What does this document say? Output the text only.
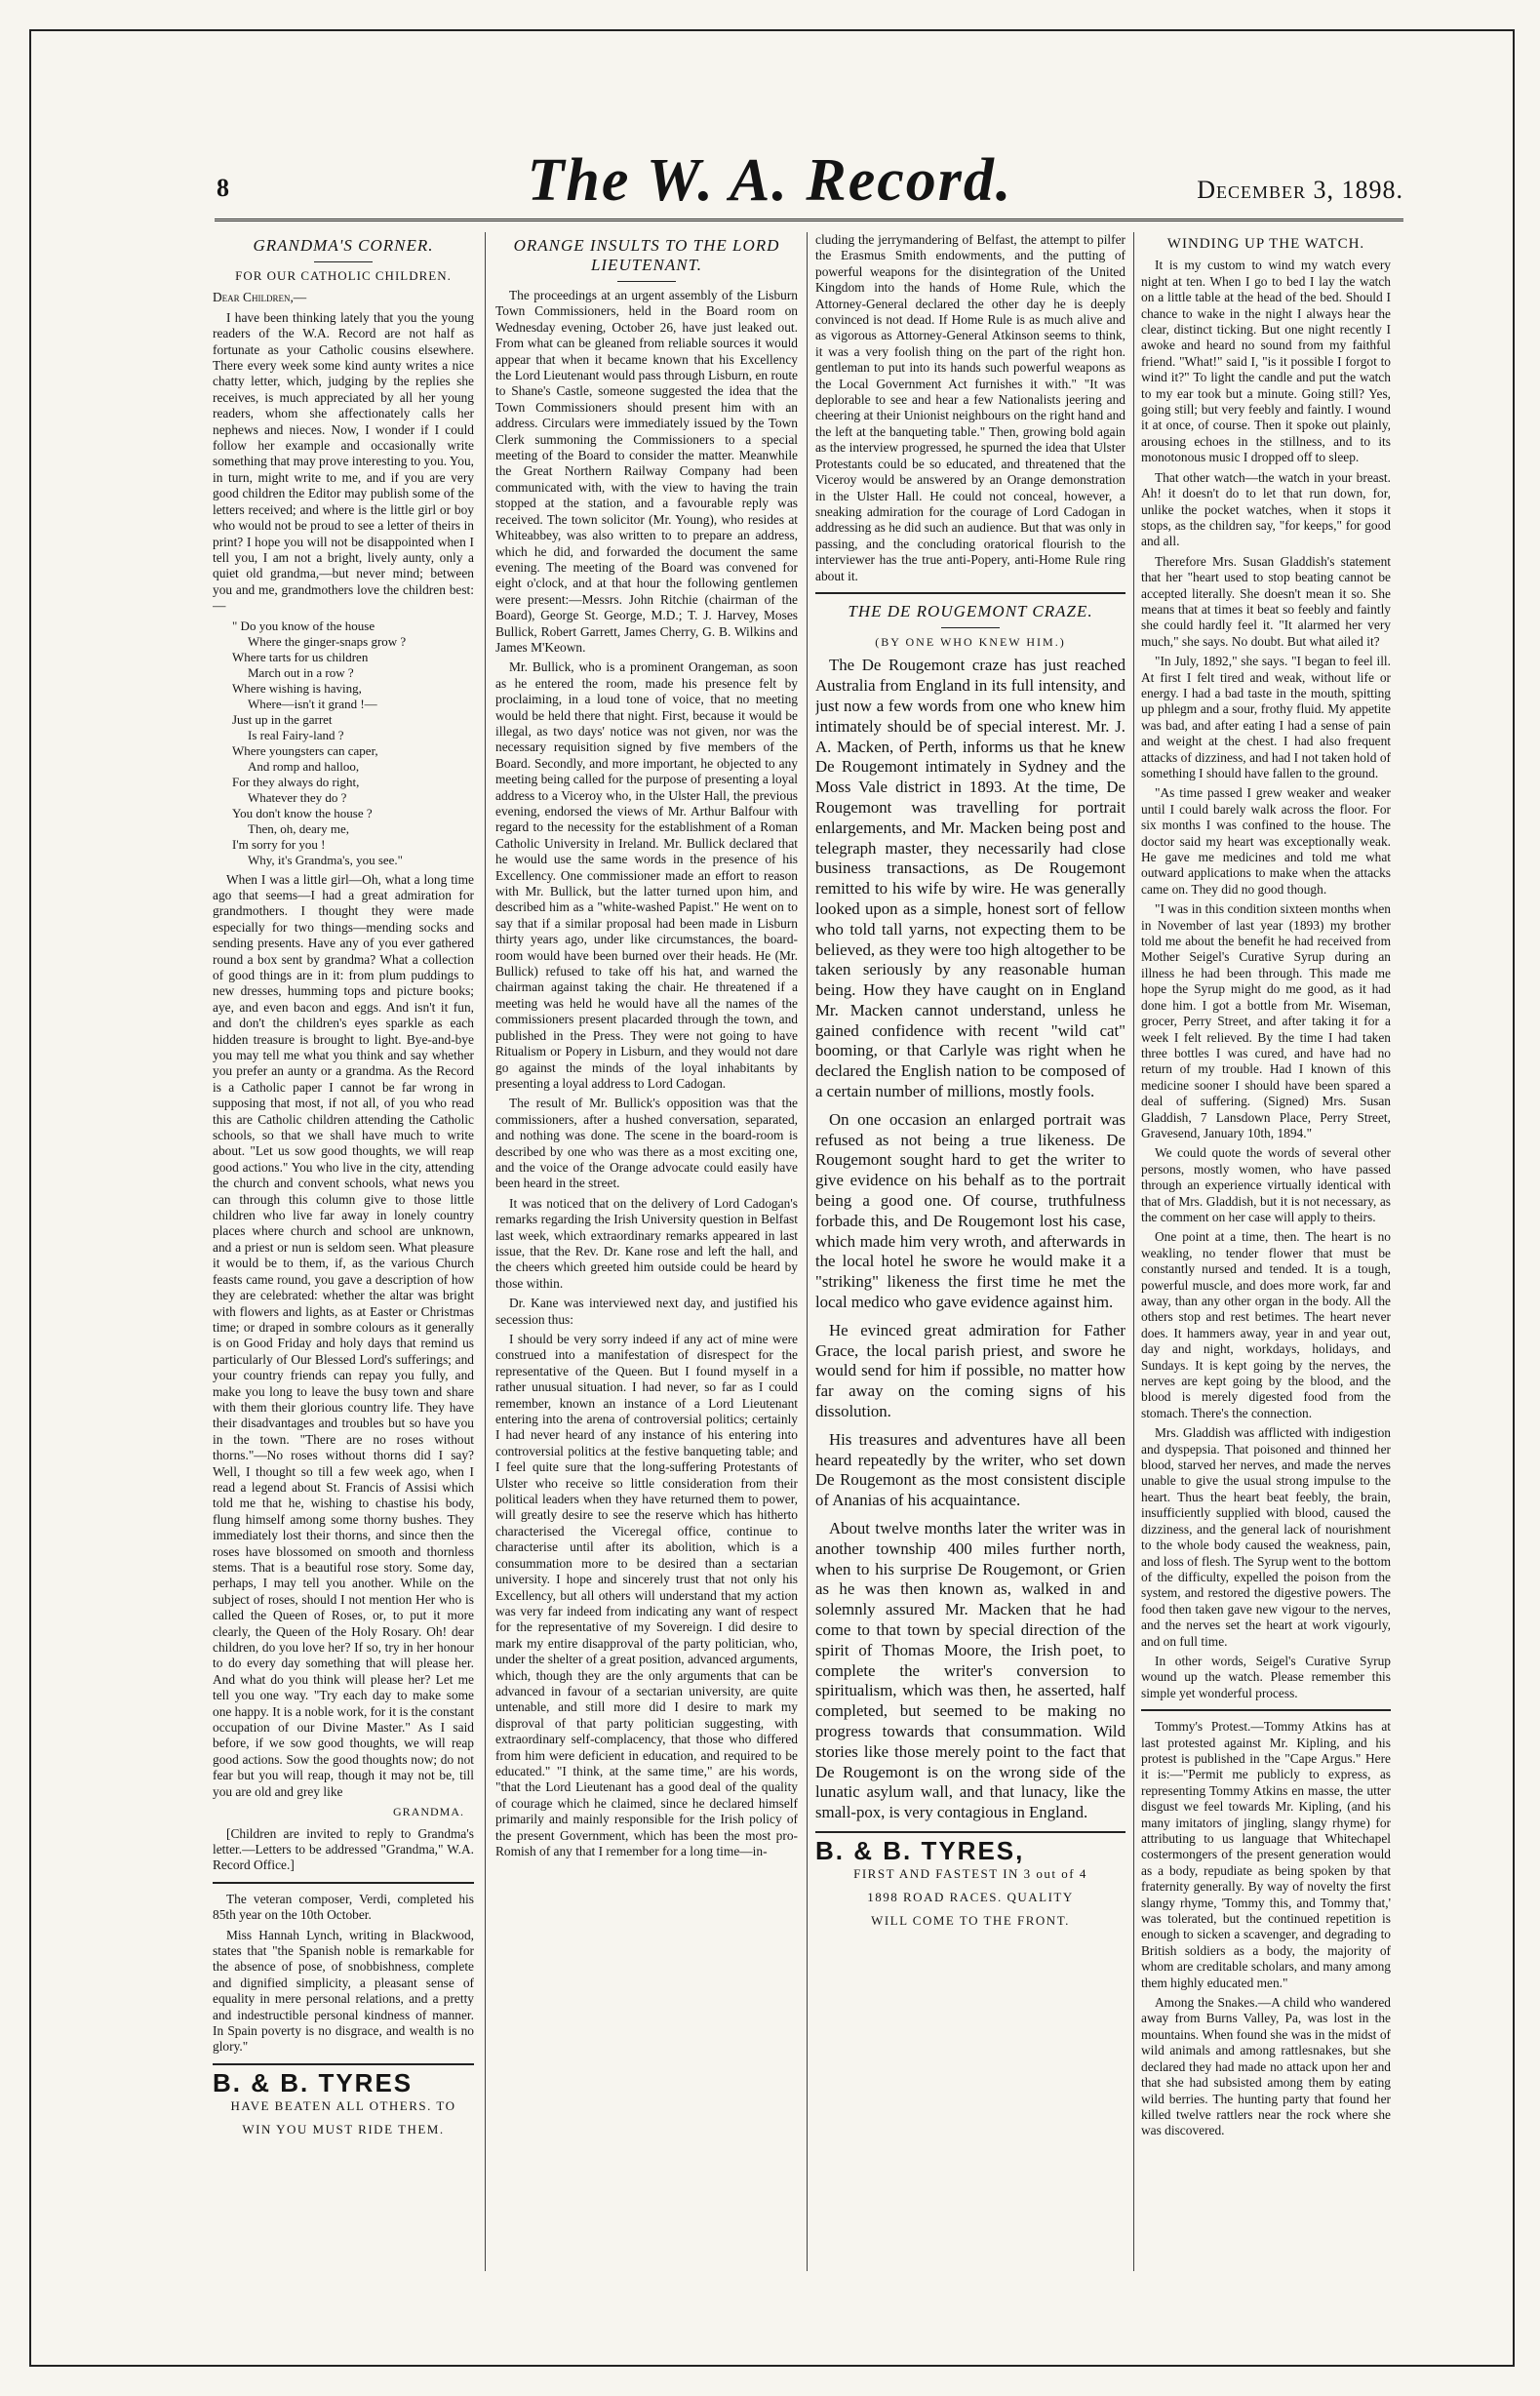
8	The W. A. Record.	December 3, 1898.
GRANDMA'S CORNER.
FOR OUR CATHOLIC CHILDREN.

Dear Children,—

I have been thinking lately that you the young readers of the W.A. Record are not half as fortunate as your Catholic cousins elsewhere. There every week some kind aunty writes a nice chatty letter, which, judging by the replies she receives, is much appreciated by all her young readers, whom she affectionately calls her nephews and nieces. Now, I wonder if I could follow her example and occasionally write something that may prove interesting to you. You, in turn, might write to me, and if you are very good children the Editor may publish some of the letters received; and where is the little girl or boy who would not be proud to see a letter of theirs in print? I hope you will not be disappointed when I tell you, I am not a bright, lively aunty, only a quiet old grandma,—but never mind; between you and me, grandmothers love the children best:—

" Do you know of the house
Where the ginger-snaps grow ?
Where tarts for us children
March out in a row ?
Where wishing is having,
Where—isn't it grand !—
Just up in the garret
Is real Fairy-land ?
Where youngsters can caper,
And romp and halloo,
For they always do right,
Whatever they do ?
You don't know the house ?
Then, oh, deary me,
I'm sorry for you !
Why, it's Grandma's, you see."

When I was a little girl—Oh, what a long time ago that seems—I had a great admiration for grandmothers. I thought they were made especially for two things—mending socks and sending presents. Have any of you ever gathered round a box sent by grandma? What a collection of good things are in it: from plum puddings to new dresses, humming tops and picture books; aye, and even bacon and eggs. And isn't it fun, and don't the children's eyes sparkle as each hidden treasure is brought to light. Bye-and-bye you may tell me what you think and say whether you prefer an aunty or a grandma. As the Record is a Catholic paper I cannot be far wrong in supposing that most, if not all, of you who read this are Catholic children attending the Catholic schools, so that we shall have much to write about. "Let us sow good thoughts, we will reap good actions." You who live in the city, attending the church and convent schools, what news you can through this column give to those little children who live far away in lonely country places where church and school are unknown, and a priest or nun is seldom seen. What pleasure it would be to them, if, as the various Church feasts came round, you gave a description of how they are celebrated: whether the altar was bright with flowers and lights, as at Easter or Christmas time; or draped in sombre colours as it generally is on Good Friday and holy days that remind us particularly of Our Blessed Lord's sufferings; and your country friends can repay you fully, and make you long to leave the busy town and share with them their glorious country life. They have their disadvantages and troubles but so have you in the town. "There are no roses without thorns."—No roses without thorns did I say? Well, I thought so till a few week ago, when I read a legend about St. Francis of Assisi which told me that he, wishing to chastise his body, flung himself among some thorny bushes. They immediately lost their thorns, and since then the roses have blossomed on smooth and thornless stems. That is a beautiful rose story. Some day, perhaps, I may tell you another. While on the subject of roses, should I not mention Her who is called the Queen of Roses, or, to put it more clearly, the Queen of the Holy Rosary. Oh! dear children, do you love her? If so, try in her honour to do every day something that will please her. And what do you think will please her? Let me tell you one way. "Try each day to make some one happy. It is a noble work, for it is the constant occupation of our Divine Master." As I said before, if we sow good thoughts, we will reap good actions. Sow the good thoughts now; do not fear but you will reap, though it may not be, till you are old and grey like

GRANDMA.

[Children are invited to reply to Grandma's letter.—Letters to be addressed "Grandma," W.A. Record Office.]

The veteran composer, Verdi, completed his 85th year on the 10th October.

Miss Hannah Lynch, writing in Blackwood, states that "the Spanish noble is remarkable for the absence of pose, of snobbishness, complete and dignified simplicity, a pleasant sense of equality in mere personal relations, and a pretty and indestructible personal kindness of manner. In Spain poverty is no disgrace, and wealth is no glory."

B. & B. TYRES
HAVE BEATEN ALL OTHERS. TO
WIN YOU MUST RIDE THEM.
ORANGE INSULTS TO THE LORD LIEUTENANT.

The proceedings at an urgent assembly of the Lisburn Town Commissioners, held in the Board room on Wednesday evening, October 26, have just leaked out. From what can be gleaned from reliable sources it would appear that when it became known that his Excellency the Lord Lieutenant would pass through Lisburn, en route to Shane's Castle, someone suggested the idea that the Town Commissioners should present him with an address. Circulars were immediately issued by the Town Clerk summoning the Commissioners to a special meeting of the Board to consider the matter. Meanwhile the Great Northern Railway Company had been communicated with, with the view to having the train stopped at the station, and a favourable reply was received. The town solicitor (Mr. Young), who resides at Whiteabbey, was also written to to prepare an address, which he did, and forwarded the document the same evening. The meeting of the Board was convened for eight o'clock, and at that hour the following gentlemen were present:—Messrs. John Ritchie (chairman of the Board), George St. George, M.D.; T. J. Harvey, Moses Bullick, Robert Garrett, James Cherry, G. B. Wilkins and James M'Keown.

Mr. Bullick, who is a prominent Orangeman, as soon as he entered the room, made his presence felt by proclaiming, in a loud tone of voice, that no meeting would be held there that night. First, because it would be illegal, as two days' notice was not given, nor was the necessary requisition signed by five members of the Board. Secondly, and more important, he objected to any meeting being called for the purpose of presenting a loyal address to a Viceroy who, in the Ulster Hall, the previous evening, endorsed the views of Mr. Arthur Balfour with regard to the necessity for the establishment of a Roman Catholic University in Ireland. Mr. Bullick declared that he would use the same words in the presence of his Excellency. One commissioner made an effort to reason with Mr. Bullick, but the latter turned upon him, and described him as a "white-washed Papist." He went on to say that if a similar proposal had been made in Lisburn thirty years ago, under like circumstances, the board-room would have been burned over their heads. He (Mr. Bullick) refused to take off his hat, and warned the chairman against taking the chair. He threatened if a meeting was held he would have all the names of the commissioners present placarded through the town, and published in the Press. They were not going to have Ritualism or Popery in Lisburn, and they would not dare go against the minds of the loyal inhabitants by presenting a loyal address to Lord Cadogan.

The result of Mr. Bullick's opposition was that the commissioners, after a hushed conversation, separated, and nothing was done. The scene in the board-room is described by one who was there as a most exciting one, and the voice of the Orange advocate could easily have been heard in the street.

It was noticed that on the delivery of Lord Cadogan's remarks regarding the Irish University question in Belfast last week, which extraordinary remarks appeared in last issue, that the Rev. Dr. Kane rose and left the hall, and the cheers which greeted him outside could be heard by those within.

Dr. Kane was interviewed next day, and justified his secession thus:

I should be very sorry indeed if any act of mine were construed into a manifestation of disrespect for the representative of the Queen. But I found myself in a rather unusual situation. I had never, so far as I could remember, known an instance of a Lord Lieutenant entering into the arena of controversial politics; certainly I had never heard of any instance of his entering into controversial politics at the festive banqueting table; and I feel quite sure that the long-suffering Protestants of Ulster who receive so little consideration from their political leaders when they have returned them to power, will greatly desire to see the reserve which has hitherto characterised the Viceregal office, continue to characterise until after its abolition, which is a consummation more to be desired than a sectarian university. I hope and sincerely trust that not only his Excellency, but all others will understand that my action was very far indeed from indicating any want of respect for the representative of my Sovereign. I did desire to mark my entire disapproval of the party politician, who, under the shelter of a great position, advanced arguments, which, though they are the only arguments that can be advanced in favour of a sectarian university, are quite untenable, and still more did I desire to mark my disproval of that party politician suggesting, with extraordinary self-complacency, that those who differed from him were deficient in education, and required to be educated." "I think, at the same time," are his words, "that the Lord Lieutenant has a good deal of the quality of courage which he claimed, since he declared himself primarily and mainly responsible for the Irish policy of the present Government, which has been the most pro-Romish of any that I remember for a long time—in-

cluding the jerrymandering of Belfast, the attempt to pilfer the Erasmus Smith endowments, and the putting of powerful weapons for the disintegration of the United Kingdom into the hands of Home Rule, which the Attorney-General declared the other day he is deeply convinced is not dead. If Home Rule is as much alive and as vigorous as Attorney-General Atkinson seems to think, it was a very foolish thing on the part of the right hon. gentleman to put into its hands such powerful weapons as the Local Government Act furnishes it with." "It was deplorable to see and hear a few Nationalists jeering and cheering at their Unionist neighbours on the right hand and the left at the banqueting table." Then, growing bold again as the interview progressed, he spurned the idea that Ulster Protestants could be so educated, and threatened that the Viceroy would be answered by an Orange demonstration in the Ulster Hall. He could not conceal, however, a sneaking admiration for the courage of Lord Cadogan in addressing as he did such an audience. But that was only in passing, and the concluding oratorical flourish to the interviewer has the true anti-Popery, anti-Home Rule ring about it.

THE DE ROUGEMONT CRAZE.
(BY ONE WHO KNEW HIM.)

The De Rougemont craze has just reached Australia from England in its full intensity, and just now a few words from one who knew him intimately should be of special interest. Mr. J. A. Macken, of Perth, informs us that he knew De Rougemont intimately in Sydney and the Moss Vale district in 1893. At the time, De Rougemont was travelling for portrait enlargements, and Mr. Macken being post and telegraph master, they necessarily had close business transactions, as De Rougemont remitted to his wife by wire. He was generally looked upon as a simple, honest sort of fellow who told tall yarns, not expecting them to be believed, as they were too high altogether to be taken seriously by any reasonable human being. How they have caught on in England Mr. Macken cannot understand, unless he gained confidence with recent "wild cat" booming, or that Carlyle was right when he declared the English nation to be composed of a certain number of millions, mostly fools.

On one occasion an enlarged portrait was refused as not being a true likeness. De Rougemont sought hard to get the writer to give evidence on his behalf as to the portrait being a good one. Of course, truthfulness forbade this, and De Rougemont lost his case, which made him very wroth, and afterwards in the local hotel he swore he would make it a "striking" likeness the first time he met the local medico who gave evidence against him.

He evinced great admiration for Father Grace, the local parish priest, and swore he would send for him if possible, no matter how far away on the coming signs of his dissolution.

His treasures and adventures have all been heard repeatedly by the writer, who set down De Rougemont as the most consistent disciple of Ananias of his acquaintance.

About twelve months later the writer was in another township 400 miles further north, when to his surprise De Rougemont, or Grien as he was then known as, walked in and solemnly assured Mr. Macken that he had come to that town by special direction of the spirit of Thomas Moore, the Irish poet, to complete the writer's conversion to spiritualism, which was then, he asserted, half completed, but seemed to be making no progress towards that consummation. Wild stories like those merely point to the fact that De Rougemont is on the wrong side of the lunatic asylum wall, and that lunacy, like the small-pox, is very contagious in England.

B. & B. TYRES,
FIRST AND FASTEST IN 3 out of 4
1898 ROAD RACES. QUALITY
WILL COME TO THE FRONT.
WINDING UP THE WATCH.

It is my custom to wind my watch every night at ten. When I go to bed I lay the watch on a little table at the head of the bed. Should I chance to wake in the night I always hear the clear, distinct ticking. But one night recently I awoke and heard no sound from my faithful friend. "What!" said I, "is it possible I forgot to wind it?" To light the candle and put the watch to my ear took but a minute. Going still? Yes, going still; but very feebly and faintly. I wound it at once, of course. Then it spoke out plainly, arousing echoes in the stillness, and to its monotonous music I dropped off to sleep.

That other watch—the watch in your breast. Ah! it doesn't do to let that run down, for, unlike the pocket watches, when it stops it stops, as the children say, "for keeps," for good and all.

Therefore Mrs. Susan Gladdish's statement that her "heart used to stop beating cannot be accepted literally. She doesn't mean it so. She means that at times it beat so feebly and faintly she could hardly feel it. "It alarmed her very much," she says. No doubt. But what ailed it?

"In July, 1892," she says. "I began to feel ill. At first I felt tired and weak, without life or energy. I had a bad taste in the mouth, spitting up phlegm and a sour, frothy fluid. My appetite was bad, and after eating I had a sense of pain and weight at the chest. I had also frequent attacks of dizziness, and had I not taken hold of something I should have fallen to the ground.

"As time passed I grew weaker and weaker until I could barely walk across the floor. For six months I was confined to the house. The doctor said my heart was exceptionally weak. He gave me medicines and told me what outward applications to make when the attacks came on. They did no good though.

"I was in this condition sixteen months when in November of last year (1893) my brother told me about the benefit he had received from Mother Seigel's Curative Syrup during an illness he had been through. This made me hope the Syrup might do me good, as it had done him. I got a bottle from Mr. Wiseman, grocer, Perry Street, and after taking it for a week I felt relieved. By the time I had taken three bottles I was cured, and have had no return of my trouble. Had I known of this medicine sooner I should have been spared a deal of suffering. (Signed) Mrs. Susan Gladdish, 7 Lansdown Place, Perry Street, Gravesend, January 10th, 1894."

We could quote the words of several other persons, mostly women, who have passed through an experience virtually identical with that of Mrs. Gladdish, but it is not necessary, as the comment on her case will apply to theirs.

One point at a time, then. The heart is no weakling, no tender flower that must be constantly nursed and tended. It is a tough, powerful muscle, and does more work, far and away, than any other organ in the body. All the others stop and rest betimes. The heart never does. It hammers away, year in and year out, day and night, workdays, holidays, and Sundays. It is kept going by the nerves, the nerves are kept going by the blood, and the blood is merely digested food from the stomach. There's the connection.

Mrs. Gladdish was afflicted with indigestion and dyspepsia. That poisoned and thinned her blood, starved her nerves, and made the nerves unable to give the usual strong impulse to the heart. Thus the heart beat feebly, the brain, insufficiently supplied with blood, caused the dizziness, and the general lack of nourishment to the whole body caused the weakness, pain, and loss of flesh. The Syrup went to the bottom of the difficulty, expelled the poison from the system, and restored the digestive powers. The food then taken gave new vigour to the nerves, and the nerves set the heart at work vigourly, and on full time.

In other words, Seigel's Curative Syrup wound up the watch. Please remember this simple yet wonderful process.

Tommy's Protest.—Tommy Atkins has at last protested against Mr. Kipling, and his protest is published in the "Cape Argus." Here it is:—"Permit me publicly to express, as representing Tommy Atkins en masse, the utter disgust we feel towards Mr. Kipling, (and his many imitators of jingling, slangy rhyme) for attributing to us language that Whitechapel costermongers of the present generation would as a body, repudiate as being spoken by that fraternity generally. By way of novelty the first slangy rhyme, 'Tommy this, and Tommy that,' was tolerated, but the continued repetition is enough to sicken a scavenger, and degrading to British soldiers as a body, the majority of whom are creditable scholars, and many among them highly educated men."

Among the Snakes.—A child who wandered away from Burns Valley, Pa, was lost in the mountains. When found she was in the midst of wild animals and among rattlesnakes, but she declared they had made no attack upon her and that she had subsisted among them by eating wild berries. The hunting party that found her killed twelve rattlers near the rock where she was discovered.
